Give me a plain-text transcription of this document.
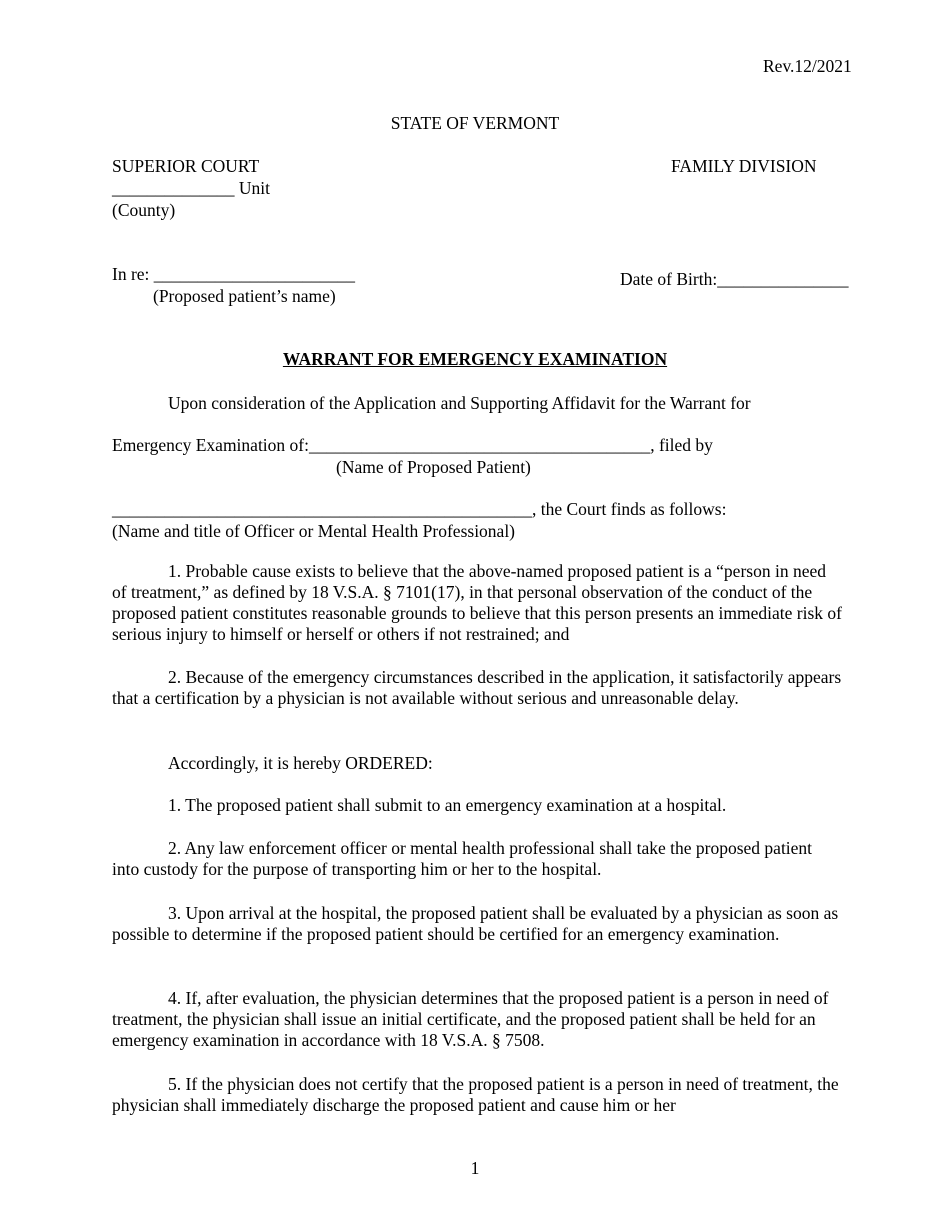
Rev.12/2021
STATE OF VERMONT
SUPERIOR COURT	FAMILY DIVISION
______________ Unit
(County)
In re: _______________________
(Proposed patient’s name)
Date of Birth:_______________
WARRANT FOR EMERGENCY EXAMINATION
Upon consideration of the Application and Supporting Affidavit for the Warrant for
Emergency Examination of:_______________________________________, filed by
(Name of Proposed Patient)
________________________________________________, the Court finds as follows:
(Name and title of Officer or Mental Health Professional)
1. Probable cause exists to believe that the above-named proposed patient is a “person in need of treatment,” as defined by 18 V.S.A. § 7101(17), in that personal observation of the conduct of the proposed patient constitutes reasonable grounds to believe that this person presents an immediate risk of serious injury to himself or herself or others if not restrained; and
2. Because of the emergency circumstances described in the application, it satisfactorily appears that a certification by a physician is not available without serious and unreasonable delay.
Accordingly, it is hereby ORDERED:
1. The proposed patient shall submit to an emergency examination at a hospital.
2. Any law enforcement officer or mental health professional shall take the proposed patient into custody for the purpose of transporting him or her to the hospital.
3. Upon arrival at the hospital, the proposed patient shall be evaluated by a physician as soon as possible to determine if the proposed patient should be certified for an emergency examination.
4. If, after evaluation, the physician determines that the proposed patient is a person in need of treatment, the physician shall issue an initial certificate, and the proposed patient shall be held for an emergency examination in accordance with 18 V.S.A. § 7508.
5. If the physician does not certify that the proposed patient is a person in need of treatment, the physician shall immediately discharge the proposed patient and cause him or her
1
